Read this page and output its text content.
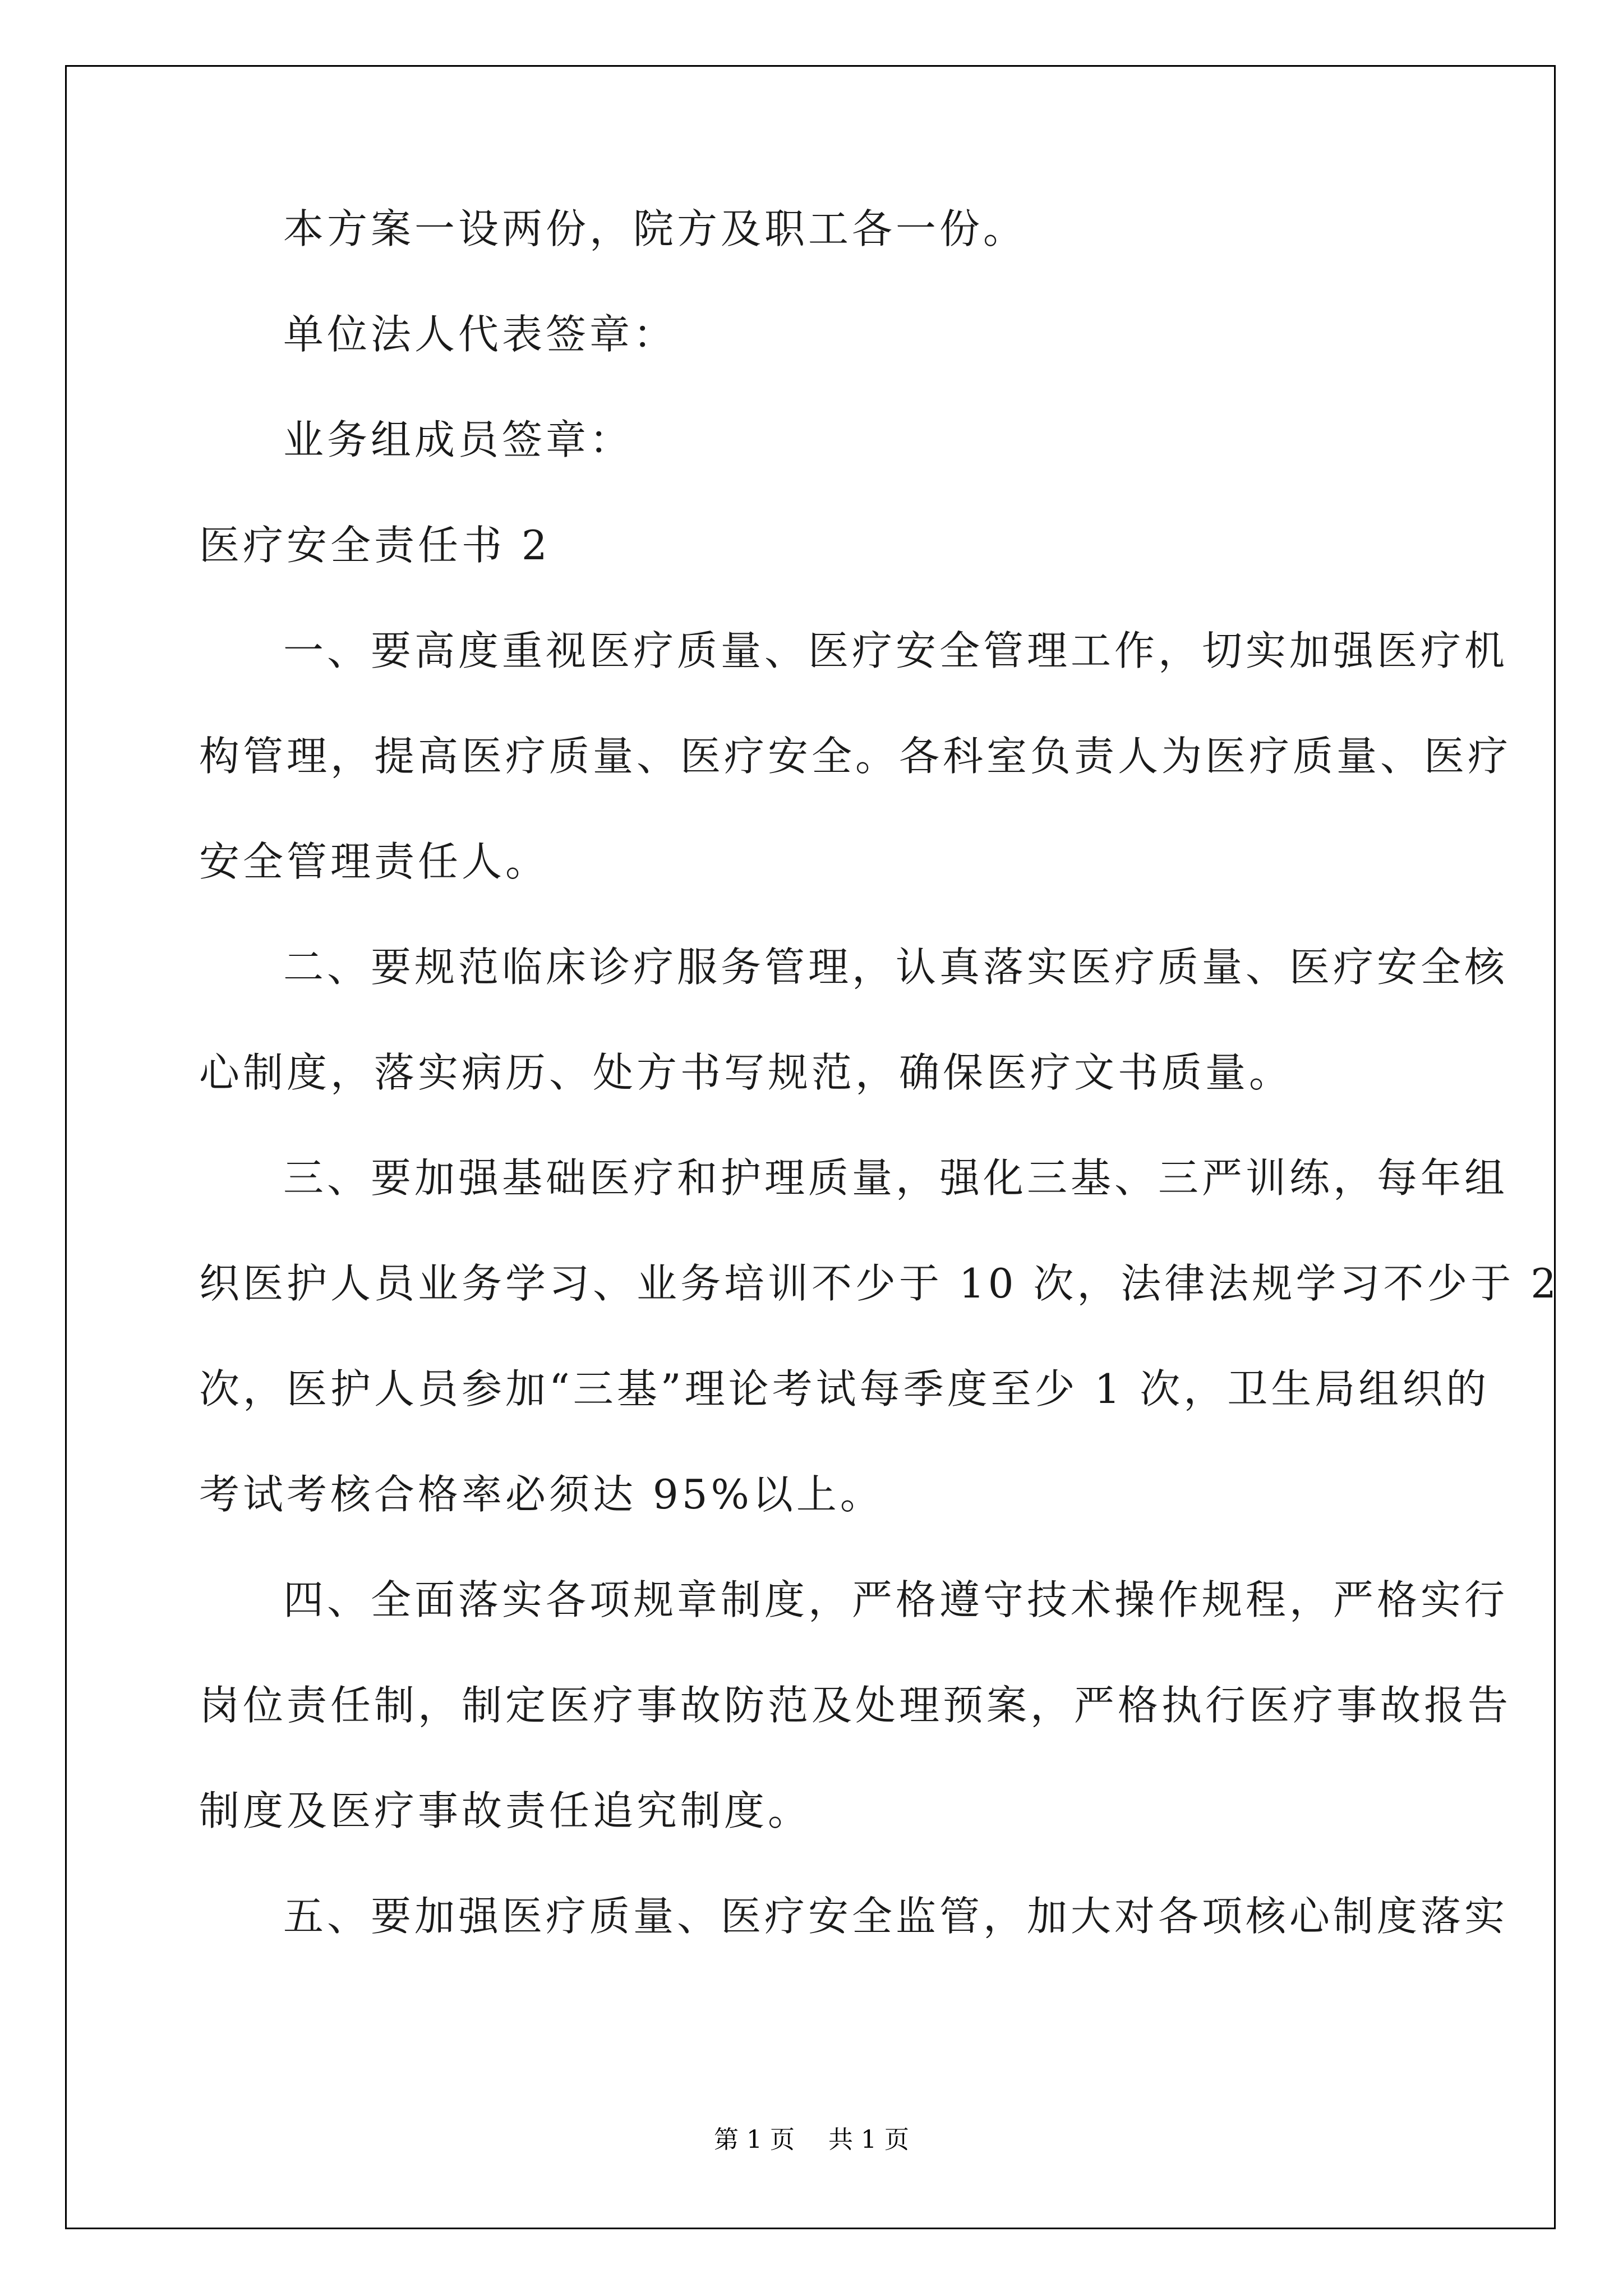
本方案一设两份，院方及职工各一份。
单位法人代表签章：
业务组成员签章：
医疗安全责任书 2
一、要高度重视医疗质量、医疗安全管理工作，切实加强医疗机
构管理，提高医疗质量、医疗安全。各科室负责人为医疗质量、医疗
安全管理责任人。
二、要规范临床诊疗服务管理，认真落实医疗质量、医疗安全核
心制度，落实病历、处方书写规范，确保医疗文书质量。
三、要加强基础医疗和护理质量，强化三基、三严训练，每年组
织医护人员业务学习、业务培训不少于 10 次，法律法规学习不少于 2
次，医护人员参加“三基”理论考试每季度至少 1 次，卫生局组织的
考试考核合格率必须达 95%以上。
四、全面落实各项规章制度，严格遵守技术操作规程，严格实行
岗位责任制，制定医疗事故防范及处理预案，严格执行医疗事故报告
制度及医疗事故责任追究制度。
五、要加强医疗质量、医疗安全监管，加大对各项核心制度落实
第 1 页 共 1 页
